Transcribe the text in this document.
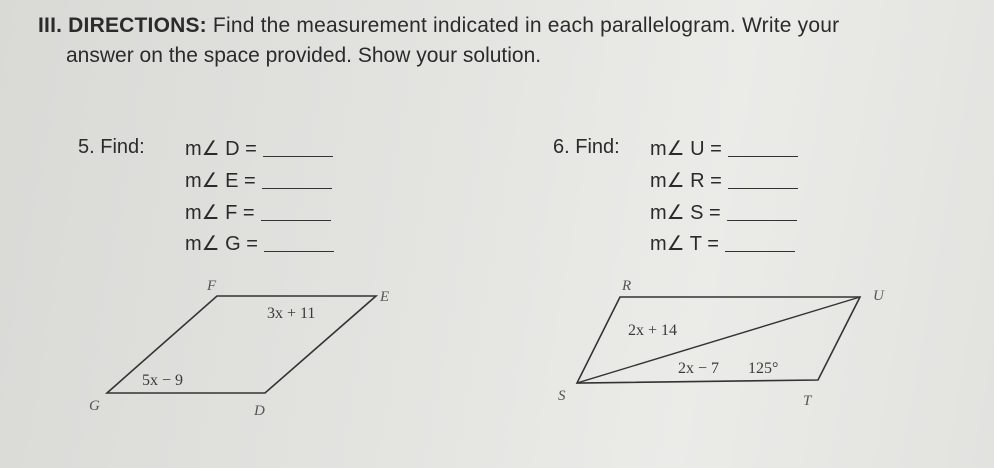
III. DIRECTIONS: Find the measurement indicated in each parallelogram. Write your
answer on the space provided. Show your solution.
5. Find: m∠ D =
m∠ E =
m∠ F =
m∠ G =
6. Find: m∠ U =
m∠ R =
m∠ S =
m∠ T =
F
E
G	D
3x + 11
5x − 9
R
U
S	T
2x + 14
2x − 7 125°
